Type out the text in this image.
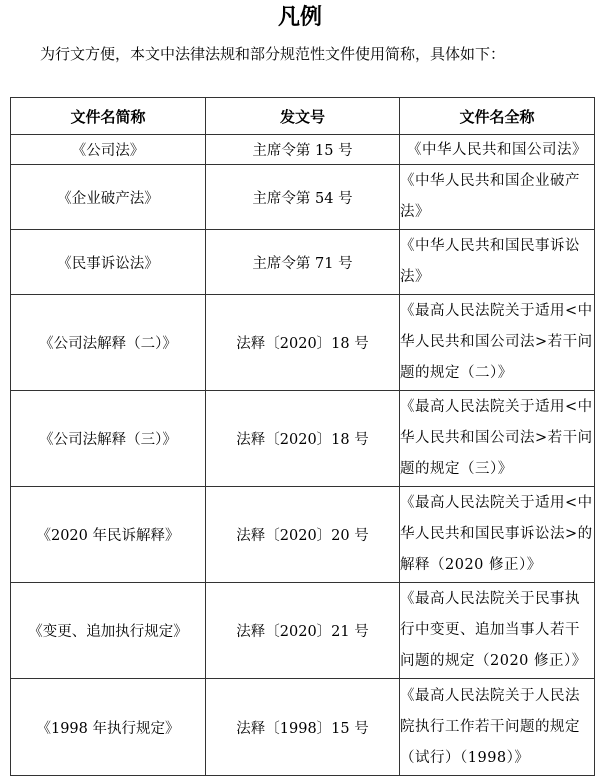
凡例
为行文方便，本文中法律法规和部分规范性文件使用简称，具体如下：
文件名简称	发文号	文件名全称
《公司法》	主席令第 15 号	《中华人民共和国公司法》
《企业破产法》	主席令第 54 号	《中华人民共和国企业破产法》
《民事诉讼法》	主席令第 71 号	《中华人民共和国民事诉讼法》
《公司法解释（二）》	法释〔2020〕18 号	《最高人民法院关于适用<中华人民共和国公司法>若干问题的规定（二）》
《公司法解释（三）》	法释〔2020〕18 号	《最高人民法院关于适用<中华人民共和国公司法>若干问题的规定（三）》
《2020 年民诉解释》	法释〔2020〕20 号	《最高人民法院关于适用<中华人民共和国民事诉讼法>的解释（2020 修正）》
《变更、追加执行规定》	法释〔2020〕21 号	《最高人民法院关于民事执行中变更、追加当事人若干问题的规定（2020 修正）》
《1998 年执行规定》	法释〔1998〕15 号	《最高人民法院关于人民法院执行工作若干问题的规定（试行）（1998）》
